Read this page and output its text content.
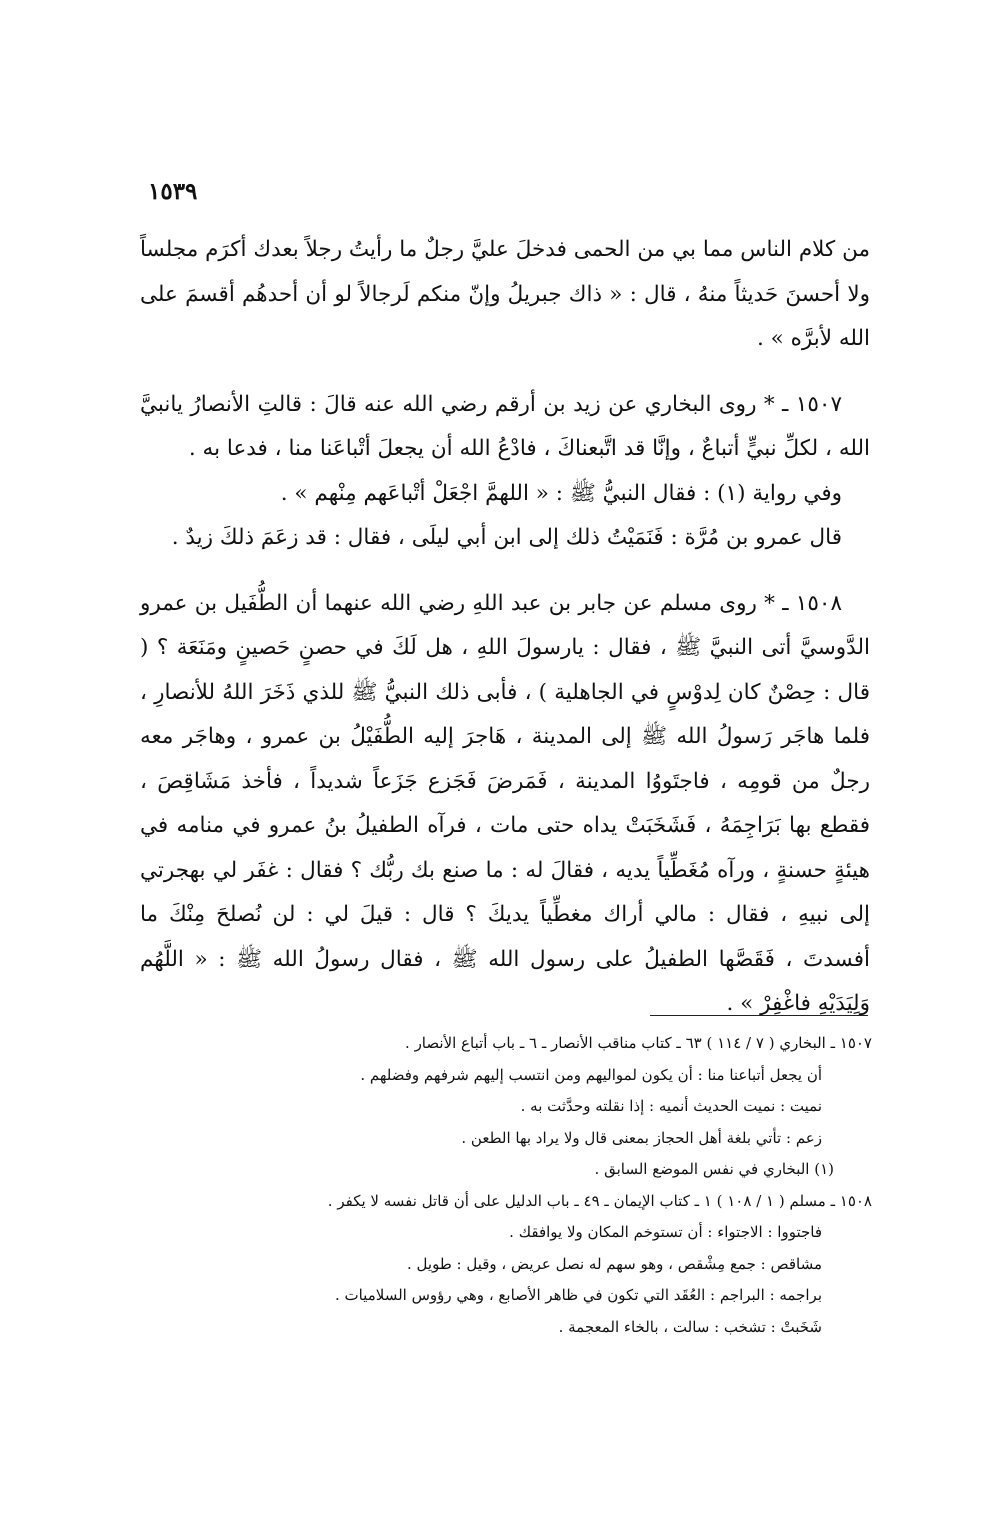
١٥٣٩

من كلام الناس مما بي من الحمى فدخلَ عليَّ رجلٌ ما رأيتُ رجلاً بعدك أكرَم مجلساً ولا أحسنَ حَديثاً منهُ ، قال : « ذاك جبريلُ وإنّ منكم لَرجالاً لو أن أحدهُم أقسمَ على الله لأبرَّه » .

١٥٠٧ ـ * روى البخاري عن زيد بن أرقم رضي الله عنه قالَ : قالتِ الأنصارُ يانبيَّ الله ، لكلِّ نبيٍّ أتباعٌ ، وإنَّا قد اتَّبعناكَ ، فادْعُ الله أن يجعلَ أتْباعَنا منا ، فدعا به .

وفي رواية (١) : فقال النبيُّ ﷺ : « اللهمَّ اجْعَلْ أتْباعَهم مِنْهم » .

قال عمرو بن مُرَّة : فَنَمَيْتُ ذلك إلى ابن أبي ليلَى ، فقال : قد زعَمَ ذلكَ زيدٌ .

١٥٠٨ ـ * روى مسلم عن جابر بن عبد اللهِ رضي الله عنهما أن الطُّفَيل بن عمرو الدَّوسيَّ أتى النبيَّ ﷺ ، فقال : يارسولَ اللهِ ، هل لَكَ في حصنٍ حَصينٍ ومَنَعَة ؟ ( قال : حِصْنٌ كان لِدوْسٍ في الجاهلية ) ، فأبى ذلك النبيُّ ﷺ للذي ذَخَرَ اللهُ للأنصارِ ، فلما هاجَر رَسولُ الله ﷺ إلى المدينة ، هَاجرَ إليه الطُّفَيْلُ بن عمرو ، وهاجَر معه رجلٌ من قومِه ، فاجتَووُا المدينة ، فَمَرضَ فَجَزع جَزَعاً شديداً ، فأخذ مَشَاقِصَ ، فقطع بها بَرَاجِمَهُ ، فَشَخَبَتْ يداه حتى مات ، فرآه الطفيلُ بنُ عمرو في منامه في هيئةٍ حسنةٍ ، ورآه مُغَطِّياً يديه ، فقالَ له : ما صنع بك ربُّك ؟ فقال : غفَر لي بهجرتي إلى نبيهِ ، فقال : مالي أراك مغطِّياً يديكَ ؟ قال : قيلَ لي : لن نُصلحَ مِنْكَ ما أفسدتَ ، فَقَصَّها الطفيلُ على رسول الله ﷺ ، فقال رسولُ الله ﷺ : « اللَّهُم وَلِيَدَيْهِ فاغْفِرْ » .

١٥٠٧ ـ البخاري ( ٧ / ١١٤ ) ٦٣ ـ كتاب مناقب الأنصار ـ ٦ ـ باب أتباع الأنصار .

أن يجعل أتباعنا منا : أن يكون لمواليهم ومن انتسب إليهم شرفهم وفضلهم .

نميت : نميت الحديث أنميه : إذا نقلته وحدَّثت به .

زعم : تأتي بلغة أهل الحجاز بمعنى قال ولا يراد بها الطعن .

(١) البخاري في نفس الموضع السابق .

١٥٠٨ ـ مسلم ( ١ / ١٠٨ ) ١ ـ كتاب الإيمان ـ ٤٩ ـ باب الدليل على أن قاتل نفسه لا يكفر .

فاجتووا : الاجتواء : أن تستوخم المكان ولا يوافقك .

مشاقص : جمع مِشْقص ، وهو سهم له نصل عريض ، وقيل : طويل .

براجمه : البراجم : العُقَد التي تكون في ظاهر الأصابع ، وهي رؤوس السلاميات .

شَخَبتْ : تشخب : سالت ، بالخاء المعجمة .
